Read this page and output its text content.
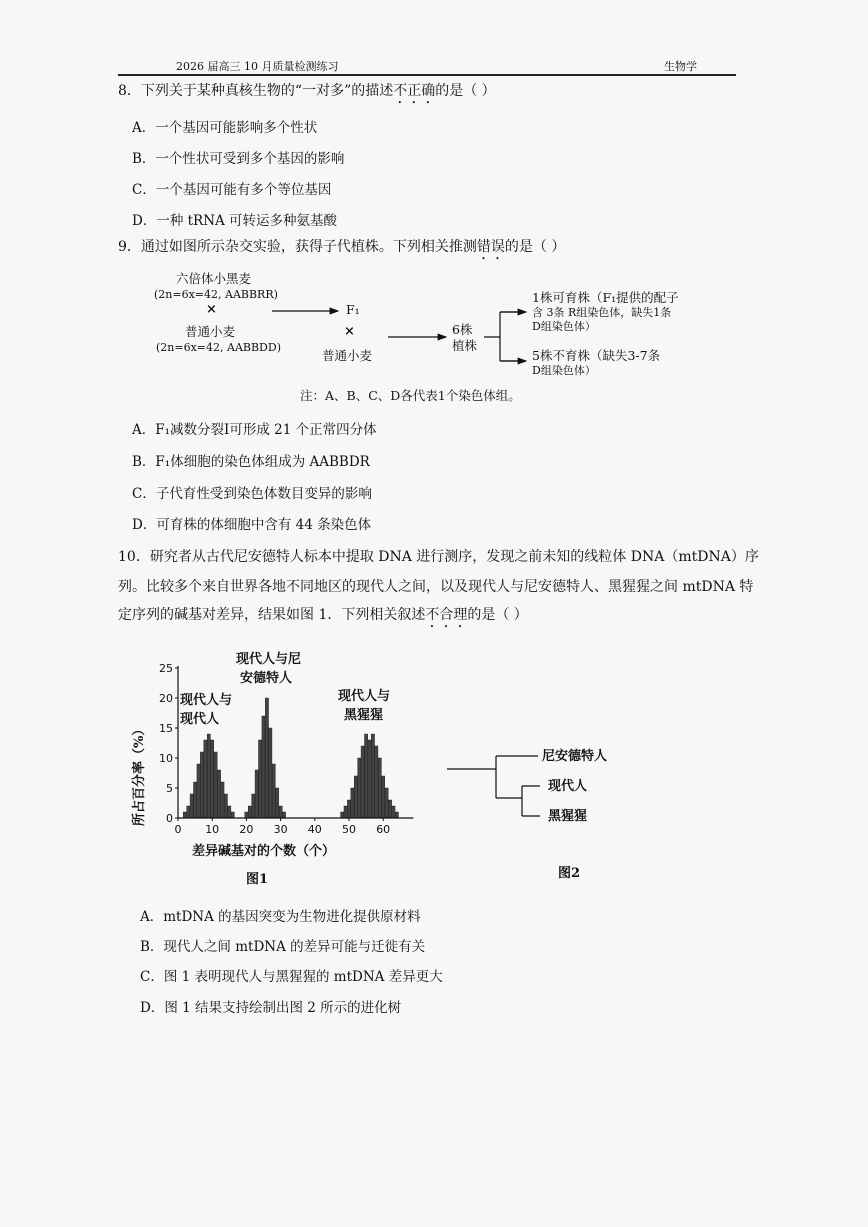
2026 届高三 10 月质量检测练习	生物学
8．下列关于某种真核生物的“一对多”的描述不正确的是（ ）
A．一个基因可能影响多个性状
B．一个性状可受到多个基因的影响
C．一个基因可能有多个等位基因
D．一种 tRNA 可转运多种氨基酸
9．通过如图所示杂交实验，获得子代植株。下列相关推测错误的是（ ）
六倍体小黑麦
(2n=6x=42, AABBRR)
×
普通小麦
(2n=6x=42, AABBDD)
F₁
×
普通小麦
6株
植株
1株可育株（F₁提供的配子
含 3条 R组染色体，缺失1条
D组染色体）
5株不育株（缺失3-7条
D组染色体）
注：A、B、C、D各代表1个染色体组。
A．F₁减数分裂Ⅰ可形成 21 个正常四分体
B．F₁体细胞的染色体组成为 AABBDR
C．子代育性受到染色体数目变异的影响
D．可育株的体细胞中含有 44 条染色体
10．研究者从古代尼安德特人标本中提取 DNA 进行测序，发现之前未知的线粒体 DNA（mtDNA）序
列。比较多个来自世界各地不同地区的现代人之间，以及现代人与尼安德特人、黑猩猩之间 mtDNA 特
定序列的碱基对差异，结果如图 1．下列相关叙述不合理的是（ ）
0 10 20 30 40 50 60
0
5
10
15
20
25
现代人与尼
安德特人
现代人与
现代人
现代人与
黑猩猩
所占百分率（%）
差异碱基对的个数（个）
图1
尼安德特人
现代人
黑猩猩
图2
A．mtDNA 的基因突变为生物进化提供原材料
B．现代人之间 mtDNA 的差异可能与迁徙有关
C．图 1 表明现代人与黑猩猩的 mtDNA 差异更大
D．图 1 结果支持绘制出图 2 所示的进化树
